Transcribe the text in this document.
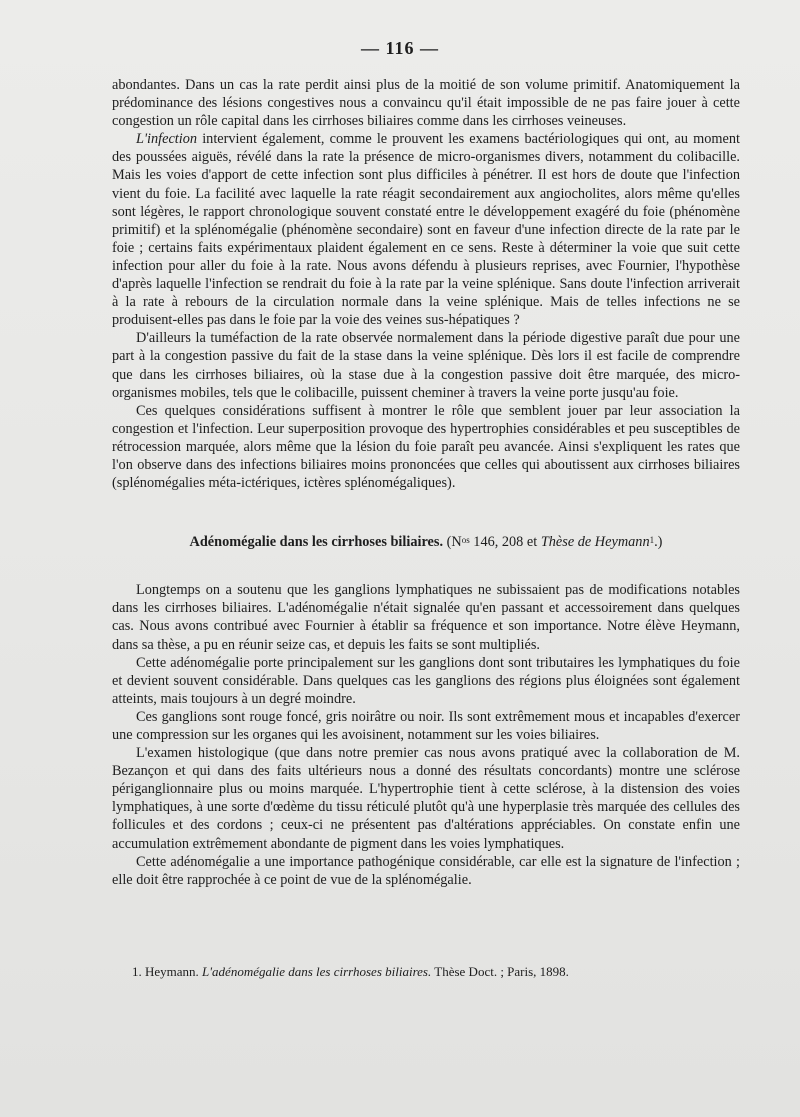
— 116 —

abondantes. Dans un cas la rate perdit ainsi plus de la moitié de son volume primitif. Anatomiquement la prédominance des lésions congestives nous a convaincu qu'il était impossible de ne pas faire jouer à cette congestion un rôle capital dans les cirrhoses biliaires comme dans les cirrhoses veineuses.

L'infection intervient également, comme le prouvent les examens bactériologiques qui ont, au moment des poussées aiguës, révélé dans la rate la présence de micro-organismes divers, notamment du colibacille. Mais les voies d'apport de cette infection sont plus difficiles à pénétrer. Il est hors de doute que l'infection vient du foie. La facilité avec laquelle la rate réagit secondairement aux angiocholites, alors même qu'elles sont légères, le rapport chronologique souvent constaté entre le développement exagéré du foie (phénomène primitif) et la splénomégalie (phénomène secondaire) sont en faveur d'une infection directe de la rate par le foie ; certains faits expérimentaux plaident également en ce sens. Reste à déterminer la voie que suit cette infection pour aller du foie à la rate. Nous avons défendu à plusieurs reprises, avec Fournier, l'hypothèse d'après laquelle l'infection se rendrait du foie à la rate par la veine splénique. Sans doute l'infection arriverait à la rate à rebours de la circulation normale dans la veine splénique. Mais de telles infections ne se produisent-elles pas dans le foie par la voie des veines sus-hépatiques ?

D'ailleurs la tuméfaction de la rate observée normalement dans la période digestive paraît due pour une part à la congestion passive du fait de la stase dans la veine splénique. Dès lors il est facile de comprendre que dans les cirrhoses biliaires, où la stase due à la congestion passive doit être marquée, des micro-organismes mobiles, tels que le colibacille, puissent cheminer à travers la veine porte jusqu'au foie.

Ces quelques considérations suffisent à montrer le rôle que semblent jouer par leur association la congestion et l'infection. Leur superposition provoque des hypertrophies considérables et peu susceptibles de rétrocession marquée, alors même que la lésion du foie paraît peu avancée. Ainsi s'expliquent les rates que l'on observe dans des infections biliaires moins prononcées que celles qui aboutissent aux cirrhoses biliaires (splénomégalies méta-ictériques, ictères splénomégaliques).

Adénomégalie dans les cirrhoses biliaires. ($N^{os}$ 146, 208 et Thèse de Heymann$^1$.)

Longtemps on a soutenu que les ganglions lymphatiques ne subissaient pas de modifications notables dans les cirrhoses biliaires. L'adénomégalie n'était signalée qu'en passant et accessoirement dans quelques cas. Nous avons contribué avec Fournier à établir sa fréquence et son importance. Notre élève Heymann, dans sa thèse, a pu en réunir seize cas, et depuis les faits se sont multipliés.

Cette adénomégalie porte principalement sur les ganglions dont sont tributaires les lymphatiques du foie et devient souvent considérable. Dans quelques cas les ganglions des régions plus éloignées sont également atteints, mais toujours à un degré moindre.

Ces ganglions sont rouge foncé, gris noirâtre ou noir. Ils sont extrêmement mous et incapables d'exercer une compression sur les organes qui les avoisinent, notamment sur les voies biliaires.

L'examen histologique (que dans notre premier cas nous avons pratiqué avec la collaboration de M. Bezançon et qui dans des faits ultérieurs nous a donné des résultats concordants) montre une sclérose périganglionnaire plus ou moins marquée. L'hypertrophie tient à cette sclérose, à la distension des voies lymphatiques, à une sorte d'œdème du tissu réticulé plutôt qu'à une hyperplasie très marquée des cellules des follicules et des cordons ; ceux-ci ne présentent pas d'altérations appréciables. On constate enfin une accumulation extrêmement abondante de pigment dans les voies lymphatiques.

Cette adénomégalie a une importance pathogénique considérable, car elle est la signature de l'infection ; elle doit être rapprochée à ce point de vue de la splénomégalie.

1. Heymann. L'adénomégalie dans les cirrhoses biliaires. Thèse Doct. ; Paris, 1898.
